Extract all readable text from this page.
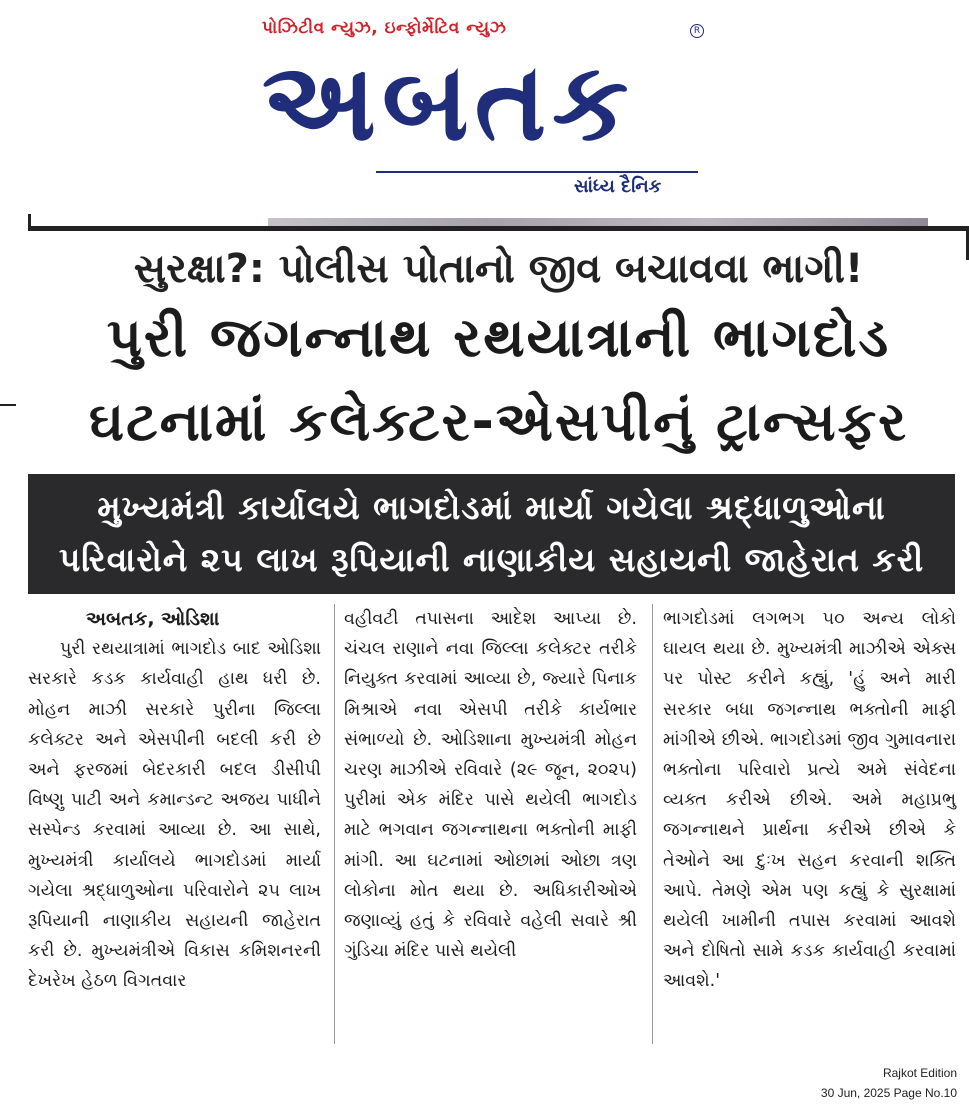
પોઝિટીવ ન્યુઝ, ઇન્ફોર્મેટિવ ન્યુઝ	R
અબતક
સાંધ્ય દૈનિક
સુરક્ષા?: પોલીસ પોતાનો જીવ બચાવવા ભાગી!
પુરી જગન્નાથ રથયાત્રાની ભાગદોડ
ઘટનામાં કલેક્ટર-એસપીનું ટ્રાન્સફર
મુખ્યમંત્રી કાર્યાલયે ભાગદોડમાં માર્યા ગયેલા શ્રદ્ધાળુઓના
પરિવારોને ૨૫ લાખ રૂપિયાની નાણાકીય સહાયની જાહેરાત કરી
અબતક, ઓડિશા

પુરી રથયાત્રામાં ભાગદોડ બાદ ઓડિશા સરકારે કડક કાર્યવાહી હાથ ધરી છે. મોહન માઝી સરકારે પુરીના જિલ્લા કલેક્ટર અને એસપીની બદલી કરી છે અને ફરજમાં બેદરકારી બદલ ડીસીપી વિષ્ણુ પાટી અને કમાન્ડન્ટ અજય પાધીને સસ્પેન્ડ કરવામાં આવ્યા છે. આ સાથે, મુખ્યમંત્રી કાર્યાલયે ભાગદોડમાં માર્યા ગયેલા શ્રદ્ધાળુઓના પરિવારોને ૨૫ લાખ રૂપિયાની નાણાકીય સહાયની જાહેરાત કરી છે. મુખ્યમંત્રીએ વિકાસ કમિશનરની દેખરેખ હેઠળ વિગતવાર

વહીવટી તપાસના આદેશ આપ્યા છે. ચંચલ રાણાને નવા જિલ્લા કલેક્ટર તરીકે નિયુક્ત કરવામાં આવ્યા છે, જ્યારે પિનાક મિશ્રાએ નવા એસપી તરીકે કાર્યભાર સંભાળ્યો છે. ઓડિશાના મુખ્યમંત્રી મોહન ચરણ માઝીએ રવિવારે (૨૯ જૂન, ૨૦૨૫) પુરીમાં એક મંદિર પાસે થયેલી ભાગદોડ માટે ભગવાન જગન્નાથના ભક્તોની માફી માંગી. આ ઘટનામાં ઓછામાં ઓછા ત્રણ લોકોના મોત થયા છે. અધિકારીઓએ જણાવ્યું હતું કે રવિવારે વહેલી સવારે શ્રી ગુંડિચા મંદિર પાસે થયેલી

ભાગદોડમાં લગભગ ૫૦ અન્ય લોકો ઘાયલ થયા છે. મુખ્યમંત્રી માઝીએ એક્સ પર પોસ્ટ કરીને કહ્યું, 'હું અને મારી સરકાર બધા જગન્નાથ ભક્તોની માફી માંગીએ છીએ. ભાગદોડમાં જીવ ગુમાવનારા ભક્તોના પરિવારો પ્રત્યે અમે સંવેદના વ્યક્ત કરીએ છીએ. અમે મહાપ્રભુ જગન્નાથને પ્રાર્થના કરીએ છીએ કે તેઓને આ દુઃખ સહન કરવાની શક્તિ આપે. તેમણે એમ પણ કહ્યું કે સુરક્ષામાં થયેલી ખામીની તપાસ કરવામાં આવશે અને દોષિતો સામે કડક કાર્યવાહી કરવામાં આવશે.'

Rajkot Edition
30 Jun, 2025 Page No.10
